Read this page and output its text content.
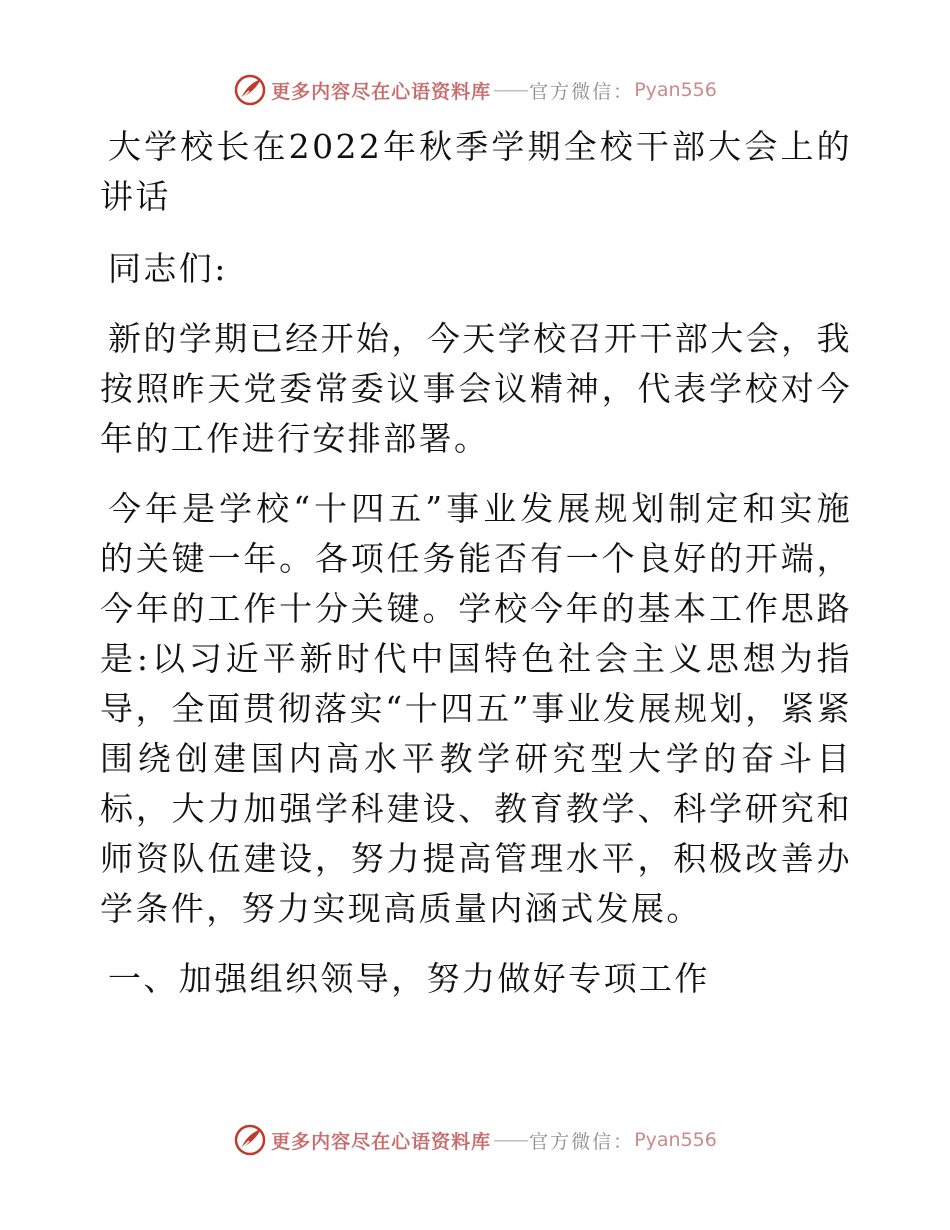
更多内容尽在心语资料库 —— 官方微信： Pyan556

大学校长在2022年秋季学期全校干部大会上的讲话

同志们:

新的学期已经开始，今天学校召开干部大会，我按照昨天党委常委议事会议精神，代表学校对今年的工作进行安排部署。

今年是学校“十四五”事业发展规划制定和实施的关键一年。各项任务能否有一个良好的开端，今年的工作十分关键。学校今年的基本工作思路是:以习近平新时代中国特色社会主义思想为指导，全面贯彻落实“十四五”事业发展规划，紧紧围绕创建国内高水平教学研究型大学的奋斗目标，大力加强学科建设、教育教学、科学研究和师资队伍建设，努力提高管理水平，积极改善办学条件，努力实现高质量内涵式发展。

一、加强组织领导，努力做好专项工作

更多内容尽在心语资料库 —— 官方微信： Pyan556
